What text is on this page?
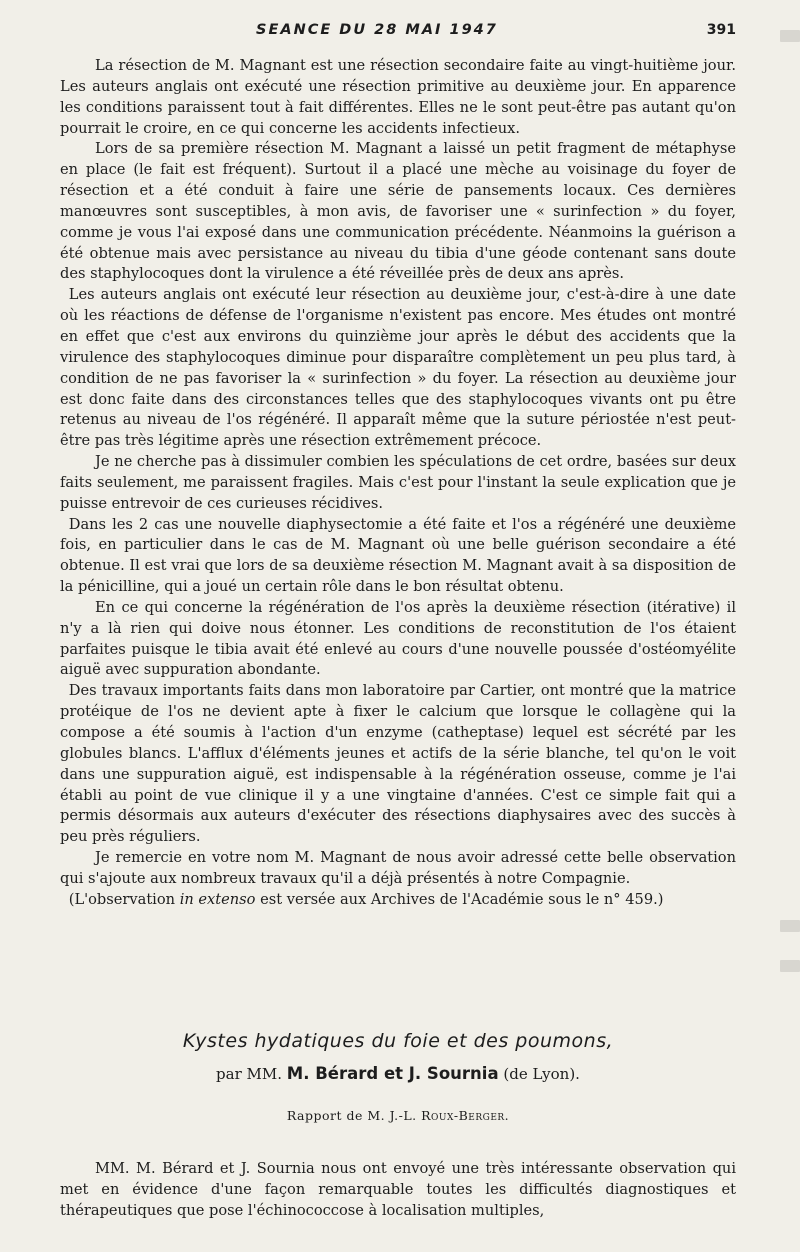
SEANCE DU 28 MAI 1947	391

La résection de M. Magnant est une résection secondaire faite au vingt-huitième jour. Les auteurs anglais ont exécuté une résection primitive au deuxième jour. En apparence les conditions paraissent tout à fait différentes. Elles ne le sont peut-être pas autant qu'on pourrait le croire, en ce qui concerne les accidents infectieux.

Lors de sa première résection M. Magnant a laissé un petit fragment de métaphyse en place (le fait est fréquent). Surtout il a placé une mèche au voisinage du foyer de résection et a été conduit à faire une série de pansements locaux. Ces dernières manœuvres sont susceptibles, à mon avis, de favoriser une « surinfection » du foyer, comme je vous l'ai exposé dans une communication précédente. Néanmoins la guérison a été obtenue mais avec persistance au niveau du tibia d'une géode contenant sans doute des staphylocoques dont la virulence a été réveillée près de deux ans après.

Les auteurs anglais ont exécuté leur résection au deuxième jour, c'est-à-dire à une date où les réactions de défense de l'organisme n'existent pas encore. Mes études ont montré en effet que c'est aux environs du quinzième jour après le début des accidents que la virulence des staphylocoques diminue pour disparaître complètement un peu plus tard, à condition de ne pas favoriser la « surinfection » du foyer. La résection au deuxième jour est donc faite dans des circonstances telles que des staphylocoques vivants ont pu être retenus au niveau de l'os régénéré. Il apparaît même que la suture périostée n'est peut-être pas très légitime après une résection extrêmement précoce.

Je ne cherche pas à dissimuler combien les spéculations de cet ordre, basées sur deux faits seulement, me paraissent fragiles. Mais c'est pour l'instant la seule explication que je puisse entrevoir de ces curieuses récidives.

Dans les 2 cas une nouvelle diaphysectomie a été faite et l'os a régénéré une deuxième fois, en particulier dans le cas de M. Magnant où une belle guérison secondaire a été obtenue. Il est vrai que lors de sa deuxième résection M. Magnant avait à sa disposition de la pénicilline, qui a joué un certain rôle dans le bon résultat obtenu.

En ce qui concerne la régénération de l'os après la deuxième résection (itérative) il n'y a là rien qui doive nous étonner. Les conditions de reconstitution de l'os étaient parfaites puisque le tibia avait été enlevé au cours d'une nouvelle poussée d'ostéomyélite aiguë avec suppuration abondante.

Des travaux importants faits dans mon laboratoire par Cartier, ont montré que la matrice protéique de l'os ne devient apte à fixer le calcium que lorsque le collagène qui la compose a été soumis à l'action d'un enzyme (catheptase) lequel est sécrété par les globules blancs. L'afflux d'éléments jeunes et actifs de la série blanche, tel qu'on le voit dans une suppuration aiguë, est indispensable à la régénération osseuse, comme je l'ai établi au point de vue clinique il y a une vingtaine d'années. C'est ce simple fait qui a permis désormais aux auteurs d'exécuter des résections diaphysaires avec des succès à peu près réguliers.

Je remercie en votre nom M. Magnant de nous avoir adressé cette belle observation qui s'ajoute aux nombreux travaux qu'il a déjà présentés à notre Compagnie.

(L'observation in extenso est versée aux Archives de l'Académie sous le n° 459.)

Kystes hydatiques du foie et des poumons,
par MM. M. Bérard et J. Sournia (de Lyon).
Rapport de M. J.-L. Roux-Berger.

MM. M. Bérard et J. Sournia nous ont envoyé une très intéressante observation qui met en évidence d'une façon remarquable toutes les difficultés diagnostiques et thérapeutiques que pose l'échinococcose à localisation multiples,
